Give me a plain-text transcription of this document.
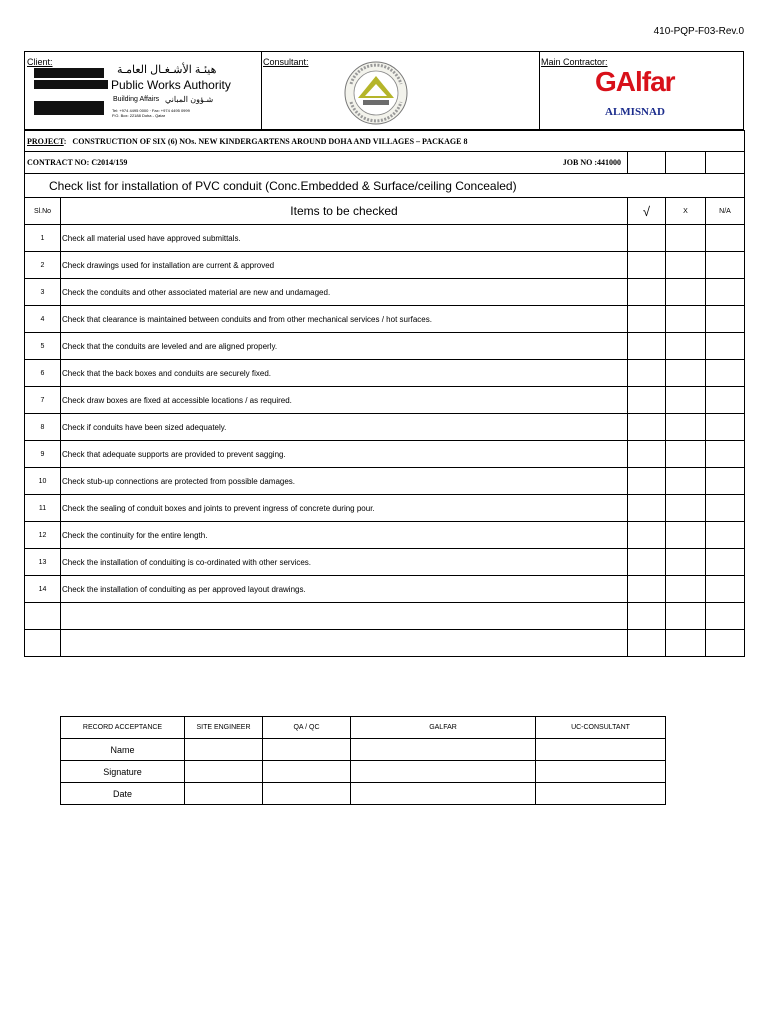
410-PQP-F03-Rev.0
Client:
هيئـة الأشـغـال العامـة
Public Works Authority
Building Affairs شـؤون المباني
Tel: +974 4495 0000 · Fax: +974 4495 0999
P.O. Box: 22188 Doha - Qatar
Consultant:	Main Contractor:
GAlfar
ALMISNAD
PROJECT: CONSTRUCTION OF SIX (6) NOs. NEW KINDERGARTENS AROUND DOHA AND VILLAGES – PACKAGE 8				

CONTRACT NO: C2014/159 JOB NO :441000				

Check list for installation of PVC conduit (Conc.Embedded & Surface/ceiling Concealed)				
Sl.No	Items to be checked	√	X	N/A
1	Check all material used have approved submittals.			
2	Check drawings used for installation are current & approved			
3	Check the conduits and other associated material are new and undamaged.			
4	Check that clearance is maintained between conduits and from other mechanical services / hot surfaces.			
5	Check that the conduits are leveled and are aligned properly.			
6	Check that the back boxes and conduits are securely fixed.			
7	Check draw boxes are fixed at accessible locations / as required.			
8	Check if conduits have been sized adequately.			
9	Check that adequate supports are provided to prevent sagging.			
10	Check stub-up connections are protected from possible damages.			
11	Check the sealing of conduit boxes and joints to prevent ingress of concrete during pour.			
12	Check the continuity for the entire length.			
13	Check the installation of conduiting is co-ordinated with other services.			
14	Check the installation of conduiting as per approved layout drawings.			

RECORD ACCEPTANCE	SITE ENGINEER	QA / QC	GALFAR	UC-CONSULTANT
Name				
Signature				
Date				
